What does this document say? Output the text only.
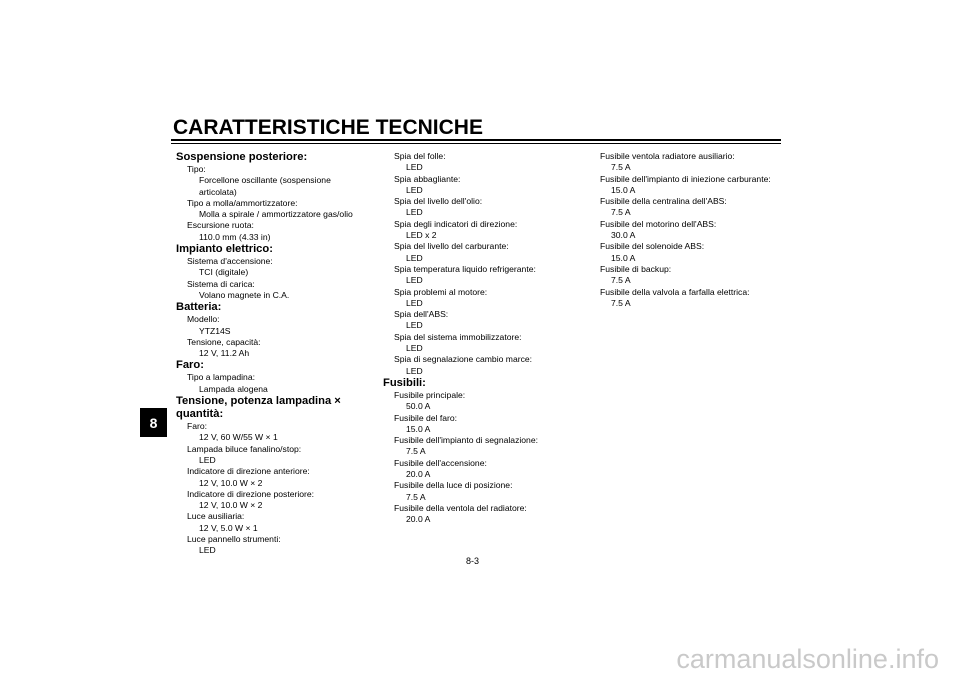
CARATTERISTICHE TECNICHE
8
Sospensione posteriore:
Tipo:
Forcellone oscillante (sospensione articolata)
Tipo a molla/ammortizzatore:
Molla a spirale / ammortizzatore gas/olio
Escursione ruota:
110.0 mm (4.33 in)
Impianto elettrico:
Sistema d'accensione:
TCI (digitale)
Sistema di carica:
Volano magnete in C.A.
Batteria:
Modello:
YTZ14S
Tensione, capacità:
12 V, 11.2 Ah
Faro:
Tipo a lampadina:
Lampada alogena
Tensione, potenza lampadina × quantità:
Faro:
12 V, 60 W/55 W × 1
Lampada biluce fanalino/stop:
LED
Indicatore di direzione anteriore:
12 V, 10.0 W × 2
Indicatore di direzione posteriore:
12 V, 10.0 W × 2
Luce ausiliaria:
12 V, 5.0 W × 1
Luce pannello strumenti:
LED
Spia del folle:
LED
Spia abbagliante:
LED
Spia del livello dell'olio:
LED
Spia degli indicatori di direzione:
LED x 2
Spia del livello del carburante:
LED
Spia temperatura liquido refrigerante:
LED
Spia problemi al motore:
LED
Spia dell'ABS:
LED
Spia del sistema immobilizzatore:
LED
Spia di segnalazione cambio marce:
LED
Fusibili:
Fusibile principale:
50.0 A
Fusibile del faro:
15.0 A
Fusibile dell'impianto di segnalazione:
7.5 A
Fusibile dell'accensione:
20.0 A
Fusibile della luce di posizione:
7.5 A
Fusibile della ventola del radiatore:
20.0 A
Fusibile ventola radiatore ausiliario:
7.5 A
Fusibile dell'impianto di iniezione carburante:
15.0 A
Fusibile della centralina dell'ABS:
7.5 A
Fusibile del motorino dell'ABS:
30.0 A
Fusibile del solenoide ABS:
15.0 A
Fusibile di backup:
7.5 A
Fusibile della valvola a farfalla elettrica:
7.5 A
8-3
carmanualsonline.info
